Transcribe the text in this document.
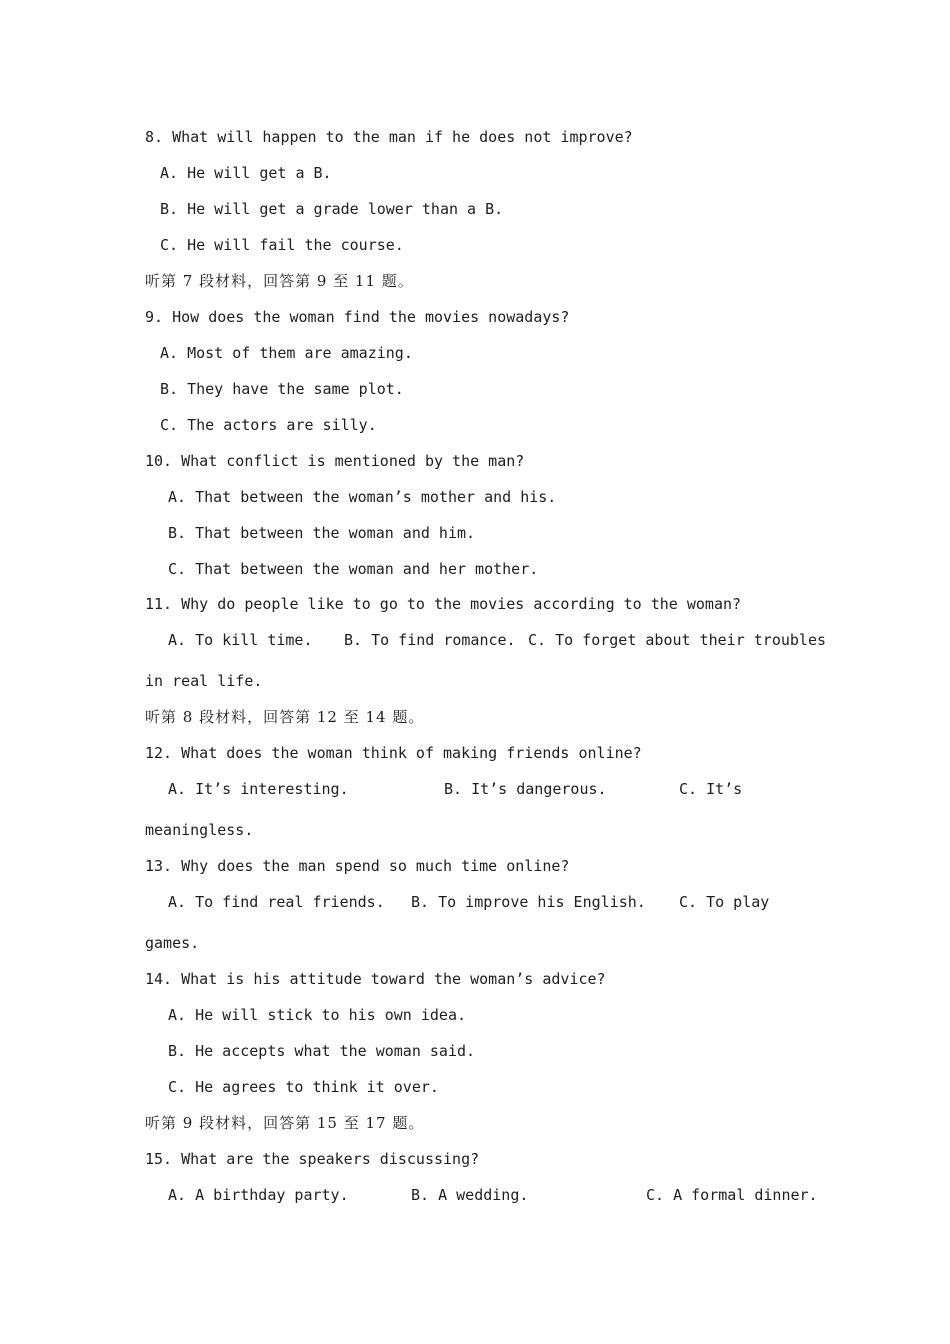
8. What will happen to the man if he does not improve?
A. He will get a B.
B. He will get a grade lower than a B.
C. He will fail the course.
听第 7 段材料，回答第 9 至 11 题。
9. How does the woman find the movies nowadays?
A. Most of them are amazing.
B. They have the same plot.
C. The actors are silly.
10. What conflict is mentioned by the man?
A. That between the woman’s mother and his.
B. That between the woman and him.
C. That between the woman and her mother.
11. Why do people like to go to the movies according to the woman?
A. To kill time. B. To find romance. C. To forget about their troubles
in real life.
听第 8 段材料，回答第 12 至 14 题。
12. What does the woman think of making friends online?
A. It’s interesting.	B. It’s dangerous.	C. It’s
meaningless.
13. Why does the man spend so much time online?
A. To find real friends. B. To improve his English. C. To play
games.
14. What is his attitude toward the woman’s advice?
A. He will stick to his own idea.
B. He accepts what the woman said.
C. He agrees to think it over.
听第 9 段材料，回答第 15 至 17 题。
15. What are the speakers discussing?
A. A birthday party.	B. A wedding.	C. A formal dinner.
